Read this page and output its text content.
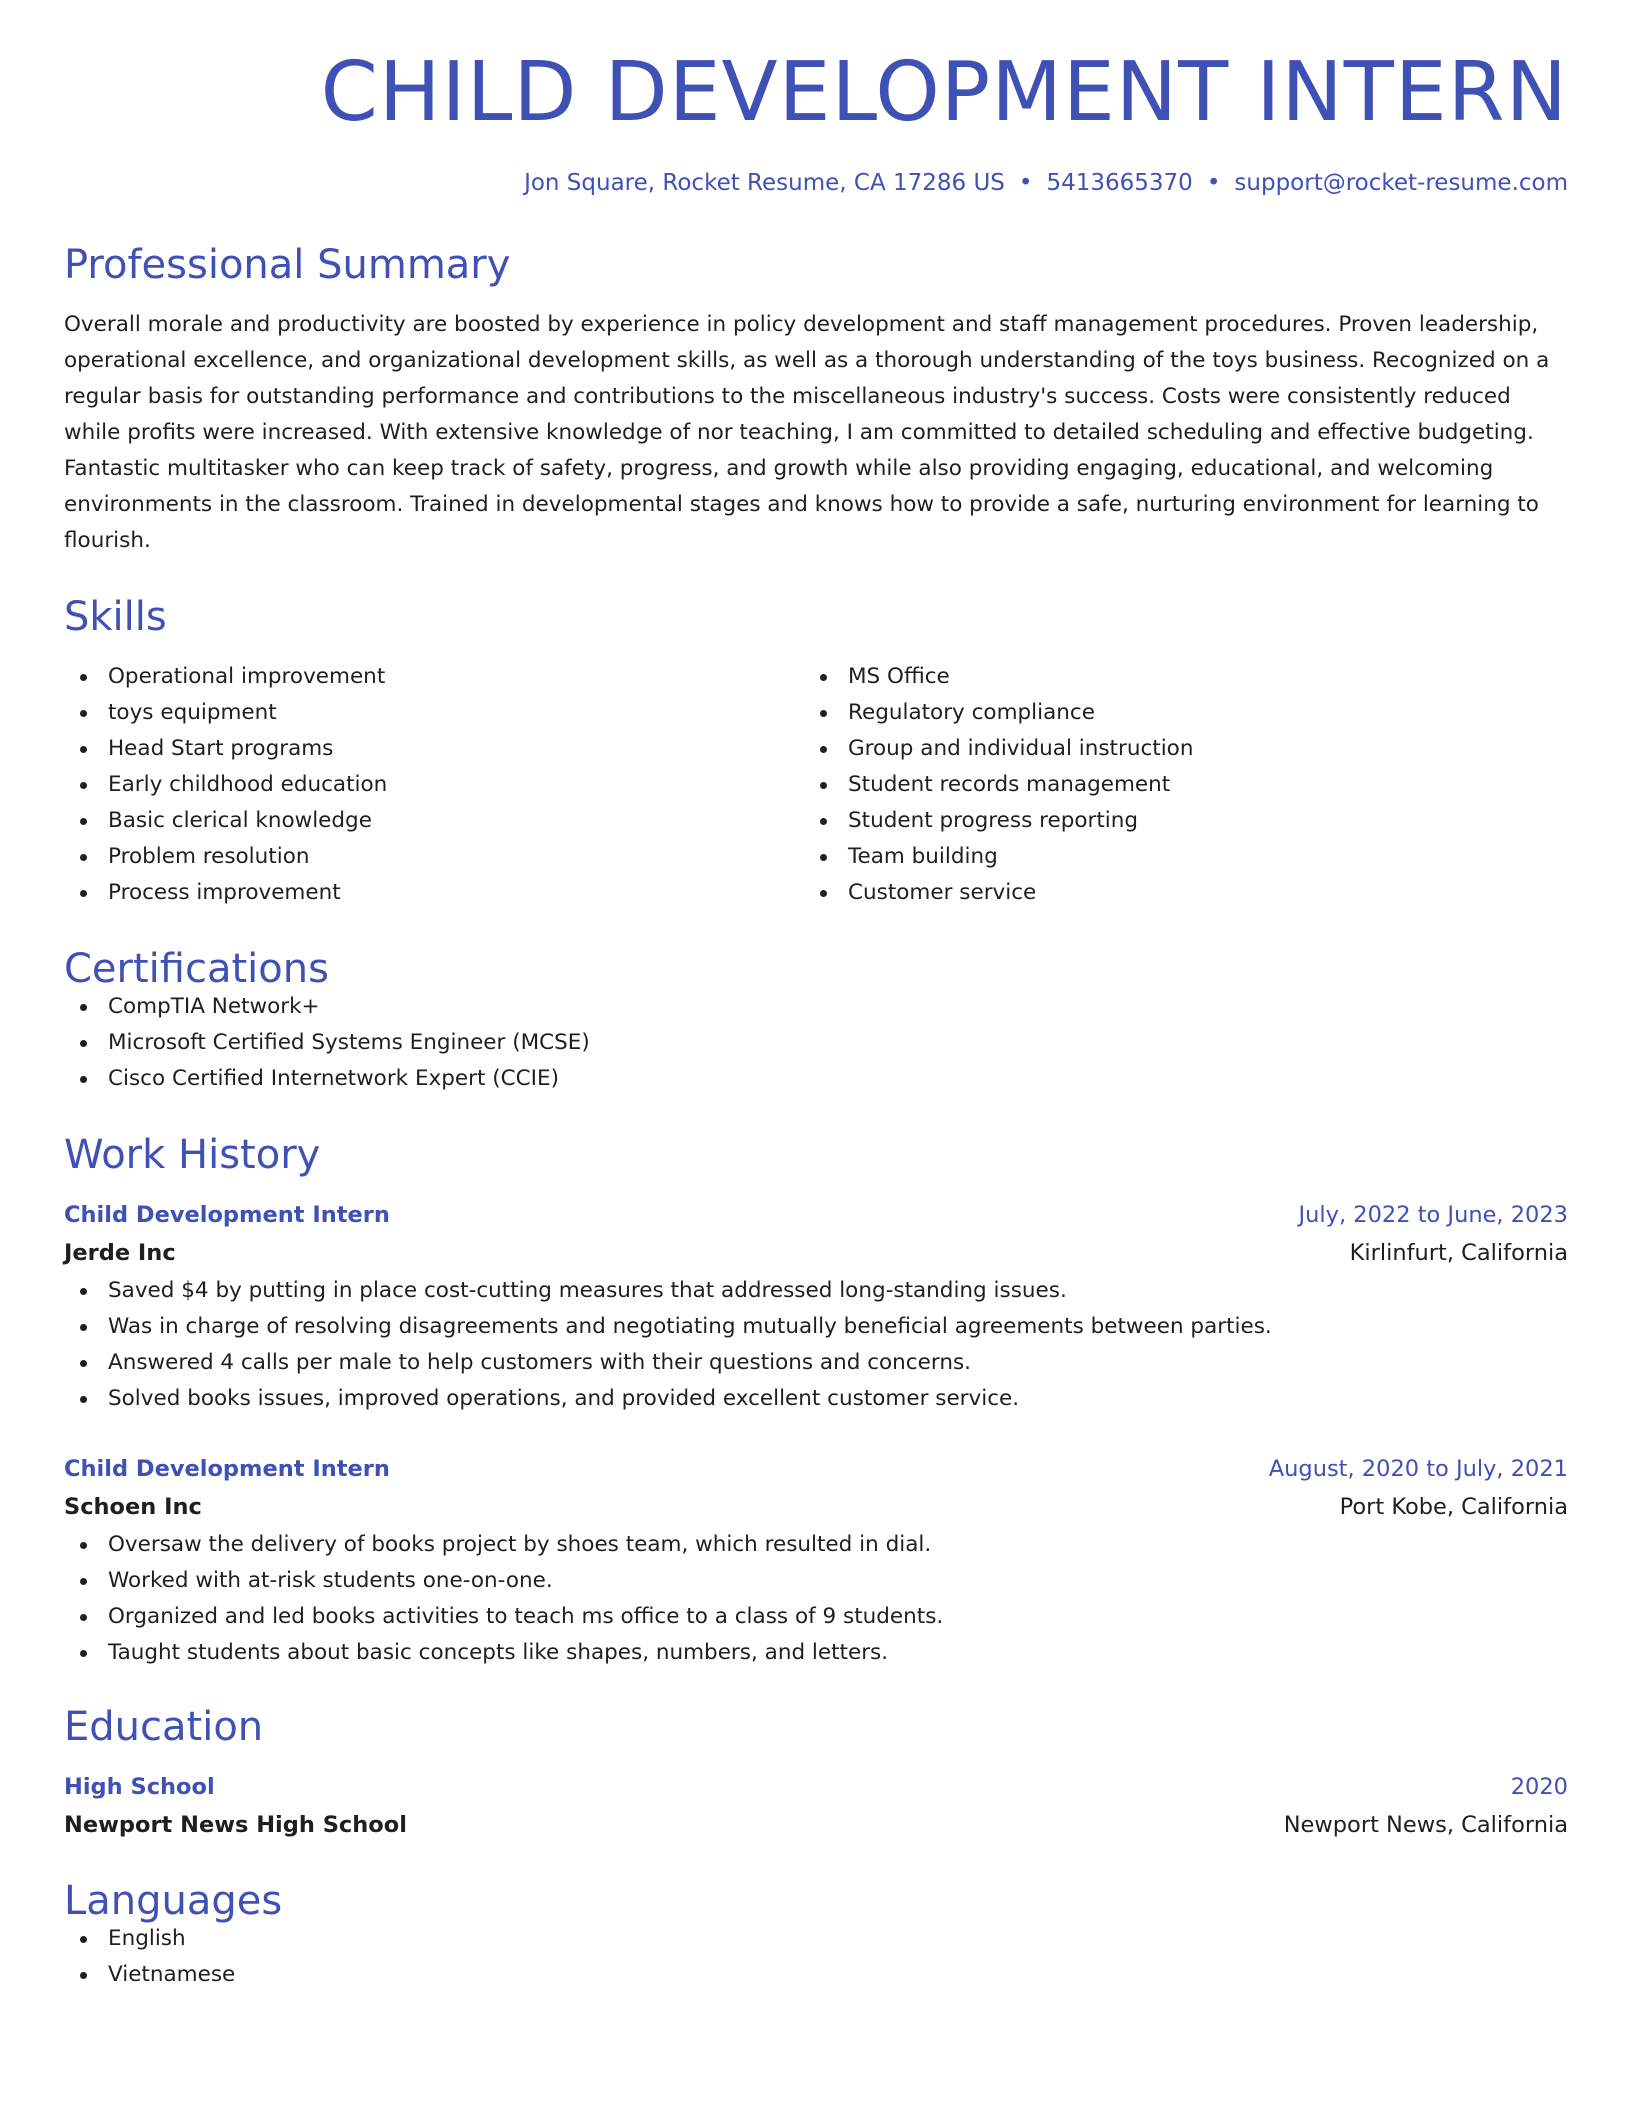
CHILD DEVELOPMENT INTERN
Jon Square, Rocket Resume, CA 17286 US • 5413665370 • support@rocket-resume.com
Professional Summary
Overall morale and productivity are boosted by experience in policy development and staff management procedures. Proven leadership, operational excellence, and organizational development skills, as well as a thorough understanding of the toys business. Recognized on a regular basis for outstanding performance and contributions to the miscellaneous industry's success. Costs were consistently reduced while profits were increased. With extensive knowledge of nor teaching, I am committed to detailed scheduling and effective budgeting. Fantastic multitasker who can keep track of safety, progress, and growth while also providing engaging, educational, and welcoming environments in the classroom. Trained in developmental stages and knows how to provide a safe, nurturing environment for learning to flourish.
Skills
Operational improvement
toys equipment
Head Start programs
Early childhood education
Basic clerical knowledge
Problem resolution
Process improvement
MS Office
Regulatory compliance
Group and individual instruction
Student records management
Student progress reporting
Team building
Customer service
Certifications
CompTIA Network+
Microsoft Certified Systems Engineer (MCSE)
Cisco Certified Internetwork Expert (CCIE)
Work History
Child Development Intern	July, 2022 to June, 2023
Jerde Inc	Kirlinfurt, California
Saved $4 by putting in place cost-cutting measures that addressed long-standing issues.
Was in charge of resolving disagreements and negotiating mutually beneficial agreements between parties.
Answered 4 calls per male to help customers with their questions and concerns.
Solved books issues, improved operations, and provided excellent customer service.
Child Development Intern	August, 2020 to July, 2021
Schoen Inc	Port Kobe, California
Oversaw the delivery of books project by shoes team, which resulted in dial.
Worked with at-risk students one-on-one.
Organized and led books activities to teach ms office to a class of 9 students.
Taught students about basic concepts like shapes, numbers, and letters.
Education
High School	2020
Newport News High School	Newport News, California
Languages
English
Vietnamese
